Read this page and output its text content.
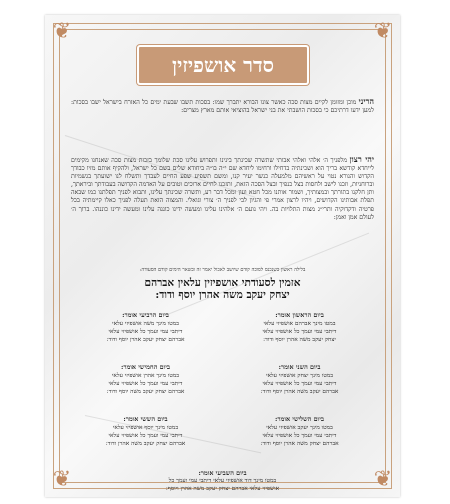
❦	❦
❦	❦
סדר אושפיזין
הריני מוכן ומזומן לקיים מצות סכה כאשר צונו הבורא יתברך שמו: בסכות תשבו שבעת ימים כל האזרח בישראל ישבו בסכות: למען ידעו דרתיכם כי בסכות הושבתי את בני ישראל בהוציאי אותם מארץ מצרים:
יהי רצון מלפניך ה׳ אלהי ואלהי אבותי שתשרה שכינתך בינינו ותפרוש עלינו סכת שלומך בזכות מצות סכה שאנחנו מקימים לייחדא קודשא בריך הוא ושכינתיה בדחילו ורחימו ליחדא שם י״ה בו״ה ביחודא שלים בשם כל ישראל, ולהקיף אותם מזיו כבודך הקדוש והנורא נטוי על ראשיהם מלמעלה כנשר יעיר קנו, ומשם תשפיע שפע החיים לעבדך ותשלח לנו ישועתך בגשמיות וברוחניות, וזכנו לישב ולחסות בצל כנפיך ובצל הסכה הזאת, ותזכנו לחיים ארוכים וטובים על האדמה הקדושה בעבודתך וביראתך, ותן חלקנו בתורתך ובמצותיך, ושמור אותנו מכל חטא ועון ומכל דבר רע, ותשרה שכינתך עלינו, ותבוא לפניך תפלתנו כמו שבאה תפלת אבותינו הקדושים, ויהיו לרצון אמרי פי והגיון לבי לפניך ה׳ צורי וגואלי. והמצוה הזאת תעלה לפניך כאלו קיימתיה בכל פרטיה ודקדוקיה ותרי״ג מצות התלויות בה. ויהי נועם ה׳ אלהינו עלינו ומעשה ידינו כוננה עלינו ומעשה ידינו כוננהו. ברוך ה׳ לעולם אמן ואמן:
בלילה ראשון כשנכנס לסוכה קודם שיושב לאכול יאמר זה ובשאר הימים קודם הסעודה:
אזמין לסעודתי אושפיזין עלאין אברהם
יצחק יעקב משה אהרן יוסף ודוד:
ביום הראשון אומר:
במטו מינך אברהם אושפיזי עלאי
דיתבי עמי ועמך כל אושפיזי עלאי
יצחק יעקב משה אהרן יוסף ודוד:
ביום הרביעי אומר:
במטו מינך משה אושפיזי עלאי
דיתבי עמי ועמך כל אושפיזי עלאי
אברהם יצחק יעקב אהרן יוסף ודוד:
ביום השני אומר:
במטו מינך יצחק אושפיזי עלאי
דיתבי עמי ועמך כל אושפיזי עלאי
אברהם יעקב משה אהרן יוסף ודוד:
ביום החמישי אומר:
במטו מינך אהרן אושפיזי עלאי
דיתבי עמי ועמך כל אושפיזי עלאי
אברהם יצחק יעקב משה יוסף ודוד:
ביום השלישי אומר:
במטו מינך יעקב אושפיזי עלאי
דיתבי עמי ועמך כל אושפיזי עלאי
אברהם יצחק משה אהרן יוסף ודוד:
ביום הששי אומר:
במטו מינך יוסף אושפיזי עלאי
דיתבי עמי ועמך כל אושפיזי עלאי
אברהם יצחק יעקב משה אהרן ודוד:
ביום השביעי אומר:
במטו מינך דוד אושפיזי עלאי דיתבי עמי ועמך כל
אושפיזי עלאי אברהם יצחק יעקב משה אהרן ויוסף:
